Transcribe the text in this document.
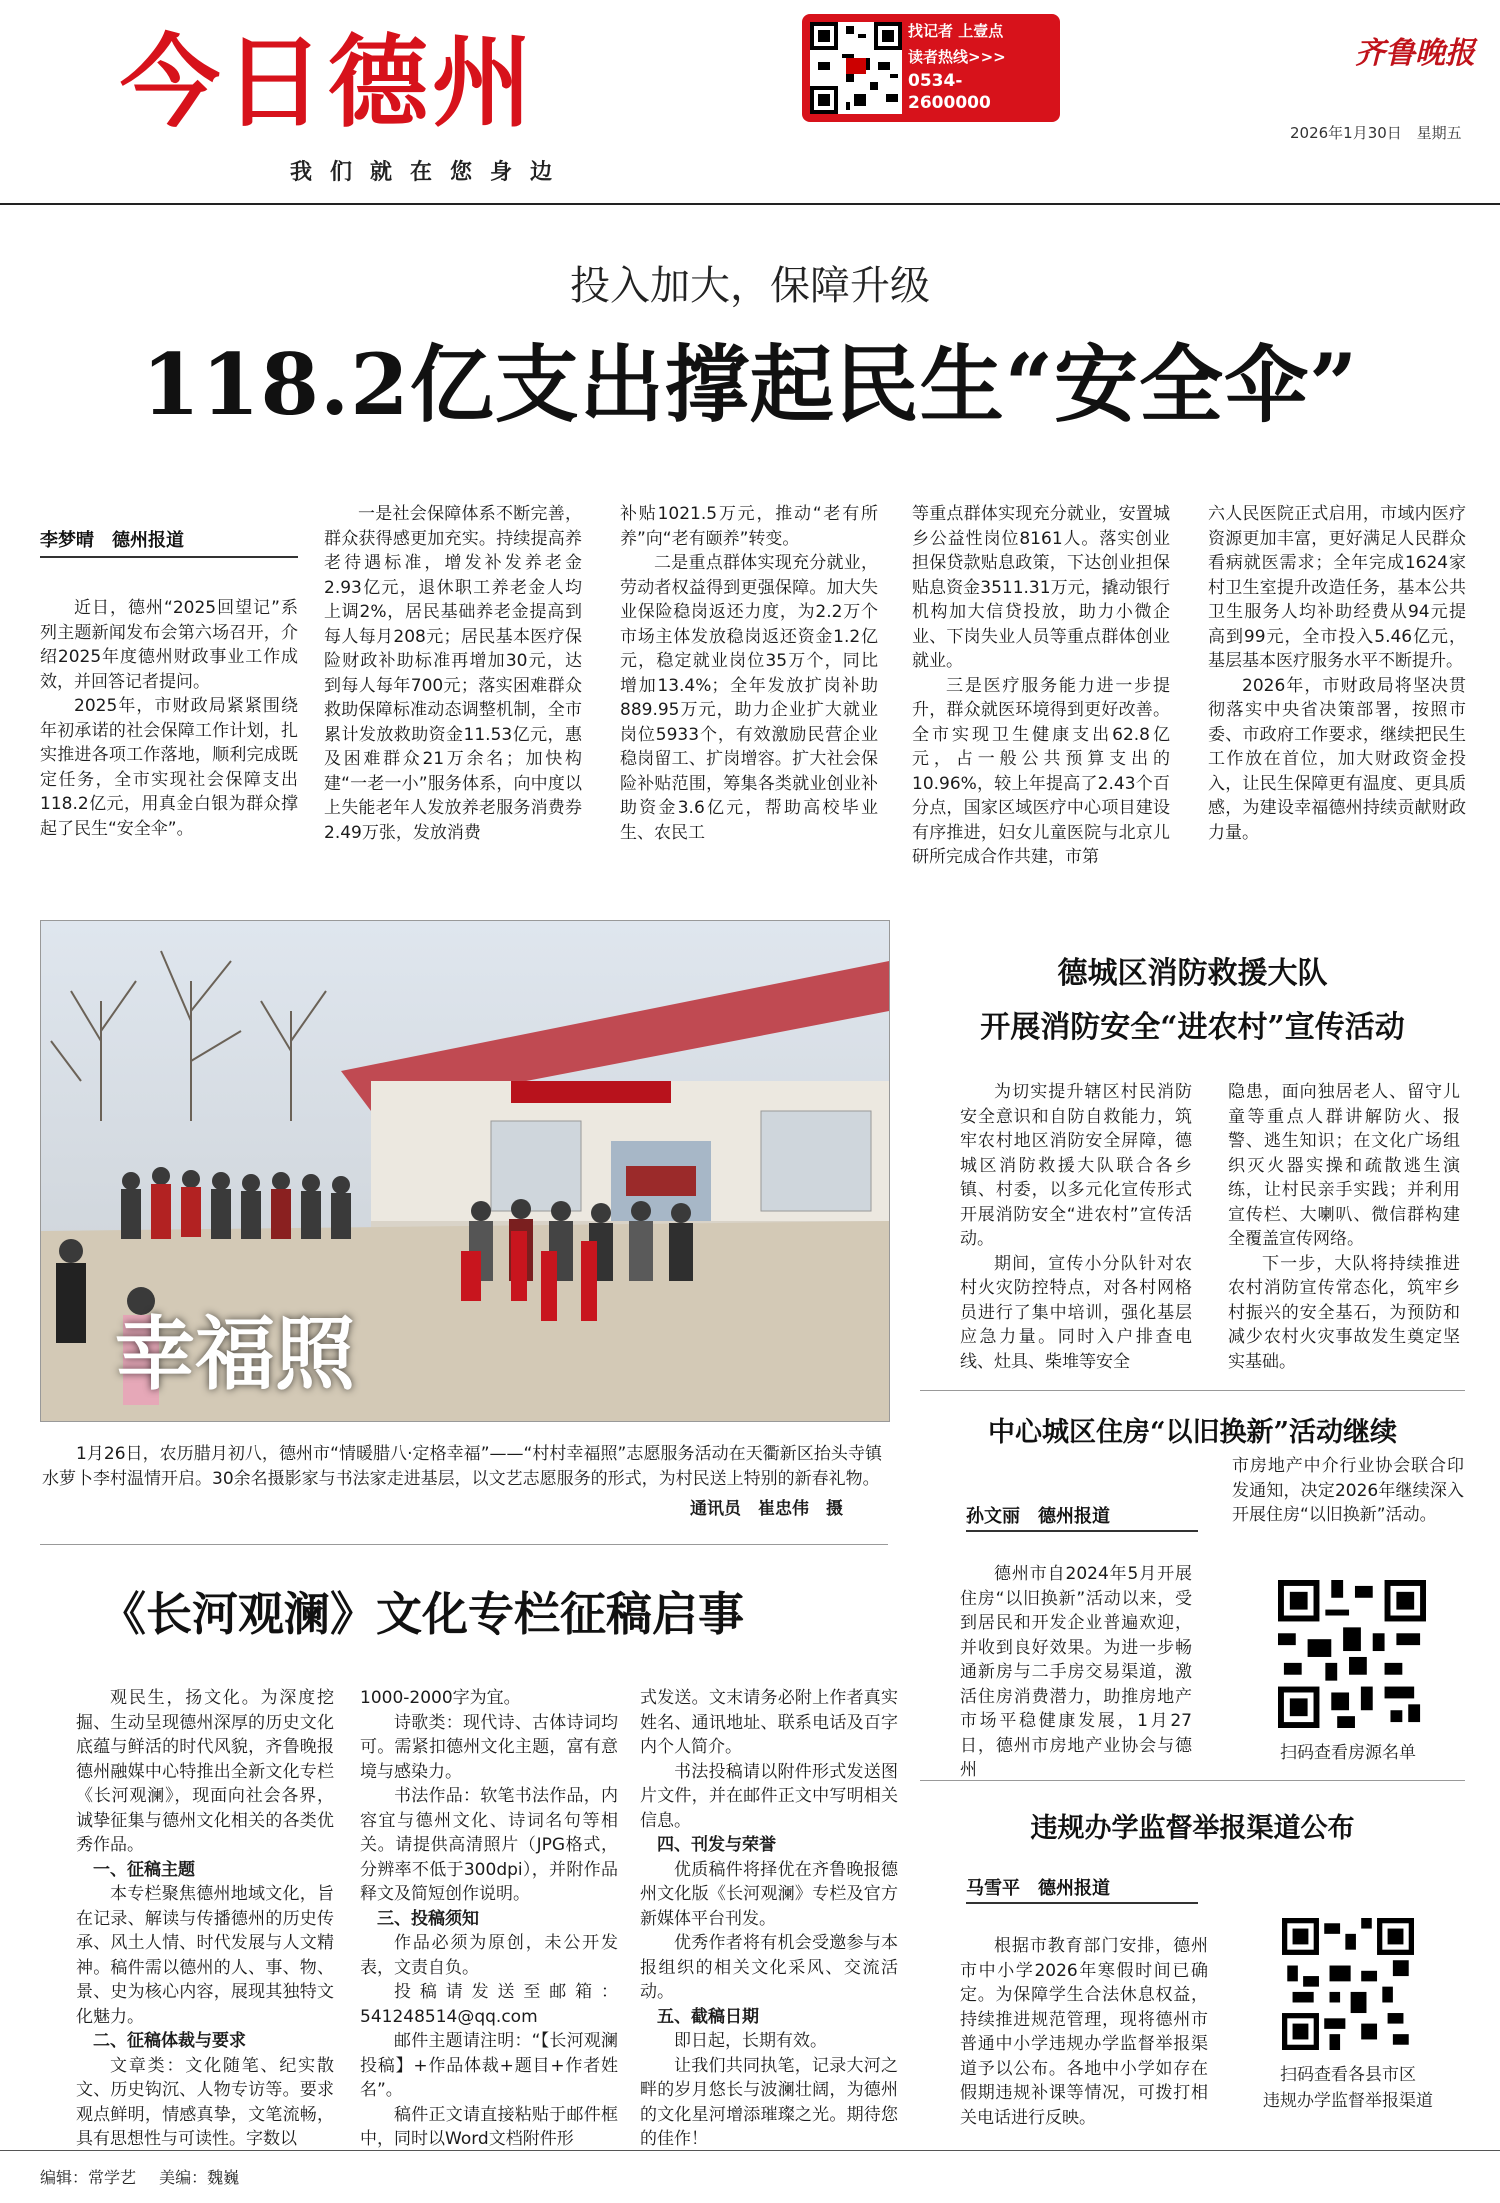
今日德州
我们就在您身边
找记者 上壹点
读者热线>>>
0534-
2600000
齐鲁晚报
2026年1月30日 星期五
投入加大，保障升级
118.2亿支出撑起民生“安全伞”
李梦晴　德州报道

近日，德州“2025回望记”系列主题新闻发布会第六场召开，介绍2025年度德州财政事业工作成效，并回答记者提问。

2025年，市财政局紧紧围绕年初承诺的社会保障工作计划，扎实推进各项工作落地，顺利完成既定任务，全市实现社会保障支出118.2亿元，用真金白银为群众撑起了民生“安全伞”。

一是社会保障体系不断完善，群众获得感更加充实。持续提高养老待遇标准，增发补发养老金2.93亿元，退休职工养老金人均上调2%，居民基础养老金提高到每人每月208元；居民基本医疗保险财政补助标准再增加30元，达到每人每年700元；落实困难群众救助保障标准动态调整机制，全市累计发放救助资金11.53亿元，惠及困难群众21万余名；加快构建“一老一小”服务体系，向中度以上失能老年人发放养老服务消费券2.49万张，发放消费

补贴1021.5万元，推动“老有所养”向“老有颐养”转变。

二是重点群体实现充分就业，劳动者权益得到更强保障。加大失业保险稳岗返还力度，为2.2万个市场主体发放稳岗返还资金1.2亿元，稳定就业岗位35万个，同比增加13.4%；全年发放扩岗补助889.95万元，助力企业扩大就业岗位5933个，有效激励民营企业稳岗留工、扩岗增容。扩大社会保险补贴范围，筹集各类就业创业补助资金3.6亿元，帮助高校毕业生、农民工

等重点群体实现充分就业，安置城乡公益性岗位8161人。落实创业担保贷款贴息政策，下达创业担保贴息资金3511.31万元，撬动银行机构加大信贷投放，助力小微企业、下岗失业人员等重点群体创业就业。

三是医疗服务能力进一步提升，群众就医环境得到更好改善。全市实现卫生健康支出62.8亿元，占一般公共预算支出的10.96%，较上年提高了2.43个百分点，国家区域医疗中心项目建设有序推进，妇女儿童医院与北京儿研所完成合作共建，市第

六人民医院正式启用，市域内医疗资源更加丰富，更好满足人民群众看病就医需求；全年完成1624家村卫生室提升改造任务，基本公共卫生服务人均补助经费从94元提高到99元，全市投入5.46亿元，基层基本医疗服务水平不断提升。

2026年，市财政局将坚决贯彻落实中央省决策部署，按照市委、市政府工作要求，继续把民生工作放在首位，加大财政资金投入，让民生保障更有温度、更具质感，为建设幸福德州持续贡献财政力量。

幸福照
1月26日，农历腊月初八，德州市“情暖腊八·定格幸福”——“村村幸福照”志愿服务活动在天衢新区抬头寺镇水萝卜李村温情开启。30余名摄影家与书法家走进基层，以文艺志愿服务的形式，为村民送上特别的新春礼物。
通讯员　崔忠伟　摄
德城区消防救援大队
开展消防安全“进农村”宣传活动

为切实提升辖区村民消防安全意识和自防自救能力，筑牢农村地区消防安全屏障，德城区消防救援大队联合各乡镇、村委，以多元化宣传形式开展消防安全“进农村”宣传活动。

期间，宣传小分队针对农村火灾防控特点，对各村网格员进行了集中培训，强化基层应急力量。同时入户排查电线、灶具、柴堆等安全

隐患，面向独居老人、留守儿童等重点人群讲解防火、报警、逃生知识；在文化广场组织灭火器实操和疏散逃生演练，让村民亲手实践；并利用宣传栏、大喇叭、微信群构建全覆盖宣传网络。

下一步，大队将持续推进农村消防宣传常态化，筑牢乡村振兴的安全基石，为预防和减少农村火灾事故发生奠定坚实基础。

中心城区住房“以旧换新”活动继续
孙文丽　德州报道

德州市自2024年5月开展住房“以旧换新”活动以来，受到居民和开发企业普遍欢迎，并收到良好效果。为进一步畅通新房与二手房交易渠道，激活住房消费潜力，助推房地产市场平稳健康发展，1月27日，德州市房地产业协会与德州

市房地产中介行业协会联合印发通知，决定2026年继续深入开展住房“以旧换新”活动。

扫码查看房源名单
《长河观澜》文化专栏征稿启事

观民生，扬文化。为深度挖掘、生动呈现德州深厚的历史文化底蕴与鲜活的时代风貌，齐鲁晚报德州融媒中心特推出全新文化专栏《长河观澜》，现面向社会各界，诚挚征集与德州文化相关的各类优秀作品。

一、征稿主题

本专栏聚焦德州地域文化，旨在记录、解读与传播德州的历史传承、风土人情、时代发展与人文精神。稿件需以德州的人、事、物、景、史为核心内容，展现其独特文化魅力。

二、征稿体裁与要求

文章类：文化随笔、纪实散文、历史钩沉、人物专访等。要求观点鲜明，情感真挚，文笔流畅，具有思想性与可读性。字数以

1000-2000字为宜。

诗歌类：现代诗、古体诗词均可。需紧扣德州文化主题，富有意境与感染力。

书法作品：软笔书法作品，内容宜与德州文化、诗词名句等相关。请提供高清照片（JPG格式，分辨率不低于300dpi），并附作品释文及简短创作说明。

三、投稿须知

作品必须为原创，未公开发表，文责自负。

投稿请发送至邮箱：541248514@qq.com

邮件主题请注明：“【长河观澜投稿】+作品体裁+题目+作者姓名”。

稿件正文请直接粘贴于邮件框中，同时以Word文档附件形

式发送。文末请务必附上作者真实姓名、通讯地址、联系电话及百字内个人简介。

书法投稿请以附件形式发送图片文件，并在邮件正文中写明相关信息。

四、刊发与荣誉

优质稿件将择优在齐鲁晚报德州文化版《长河观澜》专栏及官方新媒体平台刊发。

优秀作者将有机会受邀参与本报组织的相关文化采风、交流活动。

五、截稿日期

即日起，长期有效。

让我们共同执笔，记录大河之畔的岁月悠长与波澜壮阔，为德州的文化星河增添璀璨之光。期待您的佳作！

违规办学监督举报渠道公布
马雪平　德州报道

根据市教育部门安排，德州市中小学2026年寒假时间已确定。为保障学生合法休息权益，持续推进规范管理，现将德州市普通中小学违规办学监督举报渠道予以公布。各地中小学如存在假期违规补课等情况，可拨打相关电话进行反映。

扫码查看各县市区
违规办学监督举报渠道
编辑：常学艺 美编：魏巍
